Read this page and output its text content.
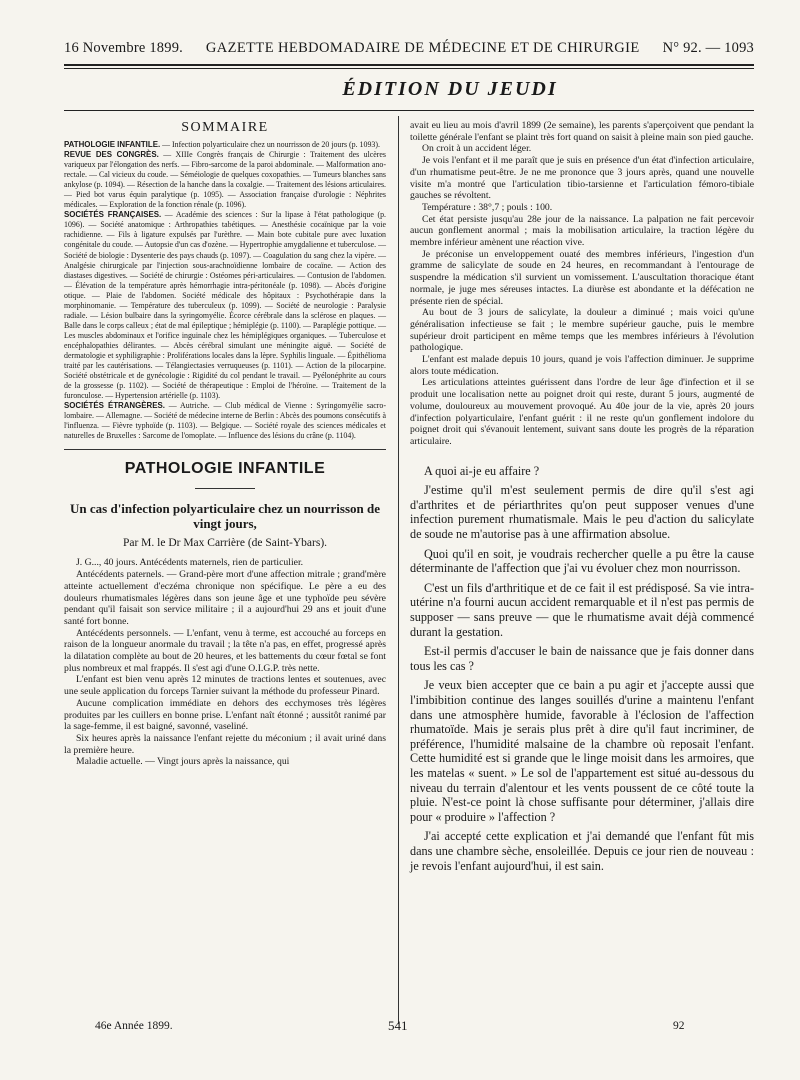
16 Novembre 1899. GAZETTE HEBDOMADAIRE DE MÉDECINE ET DE CHIRURGIE N° 92. — 1093
ÉDITION DU JEUDI
SOMMAIRE

PATHOLOGIE INFANTILE. — Infection polyarticulaire chez un nourrisson de 20 jours (p. 1093).

REVUE DES CONGRÈS. — XIIIe Congrès français de Chirurgie : Traitement des ulcères variqueux par l'élongation des nerfs. — Fibro-sarcome de la paroi abdominale. — Malformation ano-rectale. — Cal vicieux du coude. — Séméiologie de quelques coxopathies. — Tumeurs blanches sans ankylose (p. 1094). — Résection de la hanche dans la coxalgie. — Traitement des lésions articulaires. — Pied bot varus équin paralytique (p. 1095). — Association française d'urologie : Néphrites médicales. — Exploration de la fonction rénale (p. 1096).

SOCIÉTÉS FRANÇAISES. — Académie des sciences : Sur la lipase à l'état pathologique (p. 1096). — Société anatomique : Arthropathies tabétiques. — Anesthésie cocaïnique par la voie rachidienne. — Fils à ligature expulsés par l'urèthre. — Main bote cubitale pure avec luxation congénitale du coude. — Autopsie d'un cas d'ozène. — Hypertrophie amygdalienne et tuberculose. — Société de biologie : Dysenterie des pays chauds (p. 1097). — Coagulation du sang chez la vipère. — Analgésie chirurgicale par l'injection sous-arachnoïdienne lombaire de cocaïne. — Action des diastases digestives. — Société de chirurgie : Ostéomes péri-articulaires. — Contusion de l'abdomen. — Élévation de la température après hémorrhagie intra-péritonéale (p. 1098). — Abcès d'origine otique. — Plaie de l'abdomen. Société médicale des hôpitaux : Psychothérapie dans la morphinomanie. — Température des tuberculeux (p. 1099). — Société de neurologie : Paralysie radiale. — Lésion bulbaire dans la syringomyélie. Écorce cérébrale dans la sclérose en plaques. — Balle dans le corps calleux ; état de mal épileptique ; hémiplégie (p. 1100). — Paraplégie pottique. — Les muscles abdominaux et l'orifice inguinale chez les hémiplégiques organiques. — Tuberculose et encéphalopathies délirantes. — Abcès cérébral simulant une méningite aiguë. — Société de dermatologie et syphiligraphie : Proliférations locales dans la lèpre. Syphilis linguale. — Épithélioma traité par les cautérisations. — Télangiectasies verruqueuses (p. 1101). — Action de la pilocarpine. Société obstétricale et de gynécologie : Rigidité du col pendant le travail. — Pyélonéphrite au cours de la grossesse (p. 1102). — Société de thérapeutique : Emploi de l'héroïne. — Traitement de la furonculose. — Hypertension artérielle (p. 1103).

SOCIÉTÉS ÉTRANGÈRES. — Autriche. — Club médical de Vienne : Syringomyélie sacro-lombaire. — Allemagne. — Société de médecine interne de Berlin : Abcès des poumons consécutifs à l'influenza. — Fièvre typhoïde (p. 1103). — Belgique. — Société royale des sciences médicales et naturelles de Bruxelles : Sarcome de l'omoplate. — Influence des lésions du crâne (p. 1104).

PATHOLOGIE INFANTILE
Un cas d'infection polyarticulaire chez un nourrisson de vingt jours,
Par M. le Dr Max Carrière (de Saint-Ybars).

J. G..., 40 jours. Antécédents maternels, rien de particulier.

Antécédents paternels. — Grand-père mort d'une affection mitrale ; grand'mère atteinte actuellement d'eczéma chronique non spécifique. Le père a eu des douleurs rhumatismales légères dans son jeune âge et une typhoïde peu sévère pendant qu'il faisait son service militaire ; il a aujourd'hui 29 ans et jouit d'une santé fort bonne.

Antécédents personnels. — L'enfant, venu à terme, est accouché au forceps en raison de la longueur anormale du travail ; la tête n'a pas, en effet, progressé après la dilatation complète au bout de 20 heures, et les battements du cœur fœtal se font plus nombreux et mal frappés. Il s'est agi d'une O.I.G.P. très nette.

L'enfant est bien venu après 12 minutes de tractions lentes et soutenues, avec une seule application du forceps Tarnier suivant la méthode du professeur Pinard.

Aucune complication immédiate en dehors des ecchymoses très légères produites par les cuillers en bonne prise. L'enfant naît étonné ; aussitôt ranimé par la sage-femme, il est baigné, savonné, vaseliné.

Six heures après la naissance l'enfant rejette du méconium ; il avait uriné dans la première heure.

Maladie actuelle. — Vingt jours après la naissance, qui

avait eu lieu au mois d'avril 1899 (2e semaine), les parents s'aperçoivent que pendant la toilette générale l'enfant se plaint très fort quand on saisit à pleine main son pied gauche.

On croit à un accident léger.

Je vois l'enfant et il me paraît que je suis en présence d'un état d'infection articulaire, d'un rhumatisme peut-être. Je ne me prononce que 3 jours après, quand une nouvelle visite m'a montré que l'articulation tibio-tarsienne et l'articulation fémoro-tibiale gauches se révoltent.

Température : 38°,7 ; pouls : 100.

Cet état persiste jusqu'au 28e jour de la naissance. La palpation ne fait percevoir aucun gonflement anormal ; mais la mobilisation articulaire, la traction légère du membre inférieur amènent une réaction vive.

Je préconise un enveloppement ouaté des membres inférieurs, l'ingestion d'un gramme de salicylate de soude en 24 heures, en recommandant à l'entourage de suspendre la médication s'il survient un vomissement. L'auscultation thoracique étant normale, je juge mes séreuses intactes. La diurèse est abondante et la défécation ne présente rien de spécial.

Au bout de 3 jours de salicylate, la douleur a diminué ; mais voici qu'une généralisation infectieuse se fait ; le membre supérieur gauche, puis le membre supérieur droit participent en même temps que les membres inférieurs à l'évolution pathologique.

L'enfant est malade depuis 10 jours, quand je vois l'affection diminuer. Je supprime alors toute médication.

Les articulations atteintes guérissent dans l'ordre de leur âge d'infection et il se produit une localisation nette au poignet droit qui reste, durant 5 jours, augmenté de volume, douloureux au mouvement provoqué. Au 40e jour de la vie, après 20 jours d'infection polyarticulaire, l'enfant guérit : il ne reste qu'un gonflement indolore du poignet droit qui s'évanouit lentement, suivant sans doute les progrès de la réparation articulaire.

A quoi ai-je eu affaire ?

J'estime qu'il m'est seulement permis de dire qu'il s'est agi d'arthrites et de périarthrites qu'on peut supposer venues d'une infection purement rhumatismale. Mais le peu d'action du salicylate de soude ne m'autorise pas à une affirmation absolue.

Quoi qu'il en soit, je voudrais rechercher quelle a pu être la cause déterminante de l'affection que j'ai vu évoluer chez mon nourrisson.

C'est un fils d'arthritique et de ce fait il est prédisposé. Sa vie intra-utérine n'a fourni aucun accident remarquable et il n'est pas permis de supposer — sans preuve — que le rhumatisme avait déjà commencé durant la gestation.

Est-il permis d'accuser le bain de naissance que je fais donner dans tous les cas ?

Je veux bien accepter que ce bain a pu agir et j'accepte aussi que l'imbibition continue des langes souillés d'urine a maintenu l'enfant dans une atmosphère humide, favorable à l'éclosion de l'affection rhumatoïde. Mais je serais plus prêt à dire qu'il faut incriminer, de préférence, l'humidité malsaine de la chambre où reposait l'enfant. Cette humidité est si grande que le linge moisit dans les armoires, que les matelas « suent. » Le sol de l'appartement est situé au-dessous du niveau du terrain d'alentour et les vents poussent de ce côté toute la pluie. N'est-ce point là chose suffisante pour déterminer, j'allais dire pour « produire » l'affection ?

J'ai accepté cette explication et j'ai demandé que l'enfant fût mis dans une chambre sèche, ensoleillée. Depuis ce jour rien de nouveau : je revois l'enfant aujourd'hui, il est sain.

46e Année 1899.	541	92
